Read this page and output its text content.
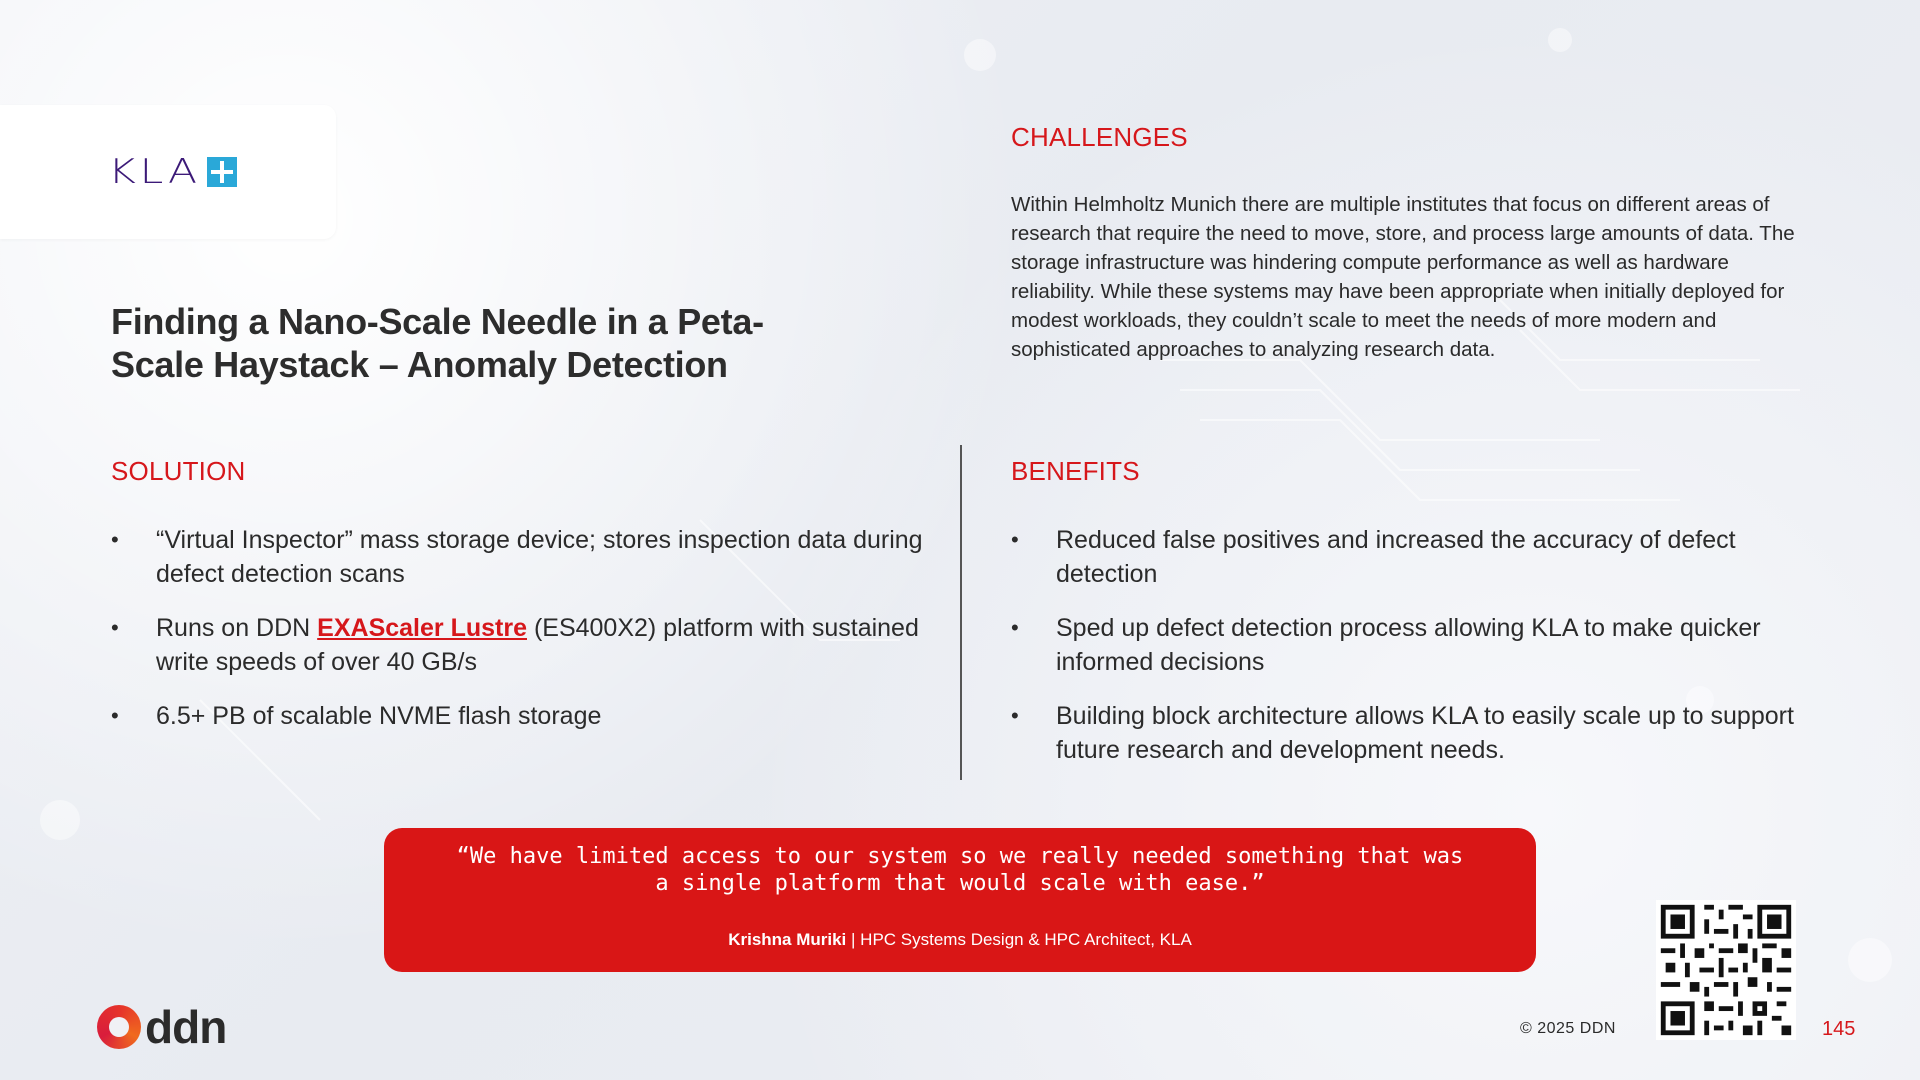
KLA
Finding a Nano-Scale Needle in a Peta-Scale Haystack – Anomaly Detection
CHALLENGES
Within Helmholtz Munich there are multiple institutes that focus on different areas of research that require the need to move, store, and process large amounts of data. The storage infrastructure was hindering compute performance as well as hardware reliability. While these systems may have been appropriate when initially deployed for modest workloads, they couldn’t scale to meet the needs of more modern and sophisticated approaches to analyzing research data.
SOLUTION
• “Virtual Inspector” mass storage device; stores inspection data during defect detection scans
• Runs on DDN EXAScaler Lustre (ES400X2) platform with sustained write speeds of over 40 GB/s
• 6.5+ PB of scalable NVME flash storage
BENEFITS
• Reduced false positives and increased the accuracy of defect detection
• Sped up defect detection process allowing KLA to make quicker informed decisions
• Building block architecture allows KLA to easily scale up to support future research and development needs.
“We have limited access to our system so we really needed something that was a single platform that would scale with ease.”
Krishna Muriki | HPC Systems Design & HPC Architect, KLA
ddn	© 2025 DDN	145
